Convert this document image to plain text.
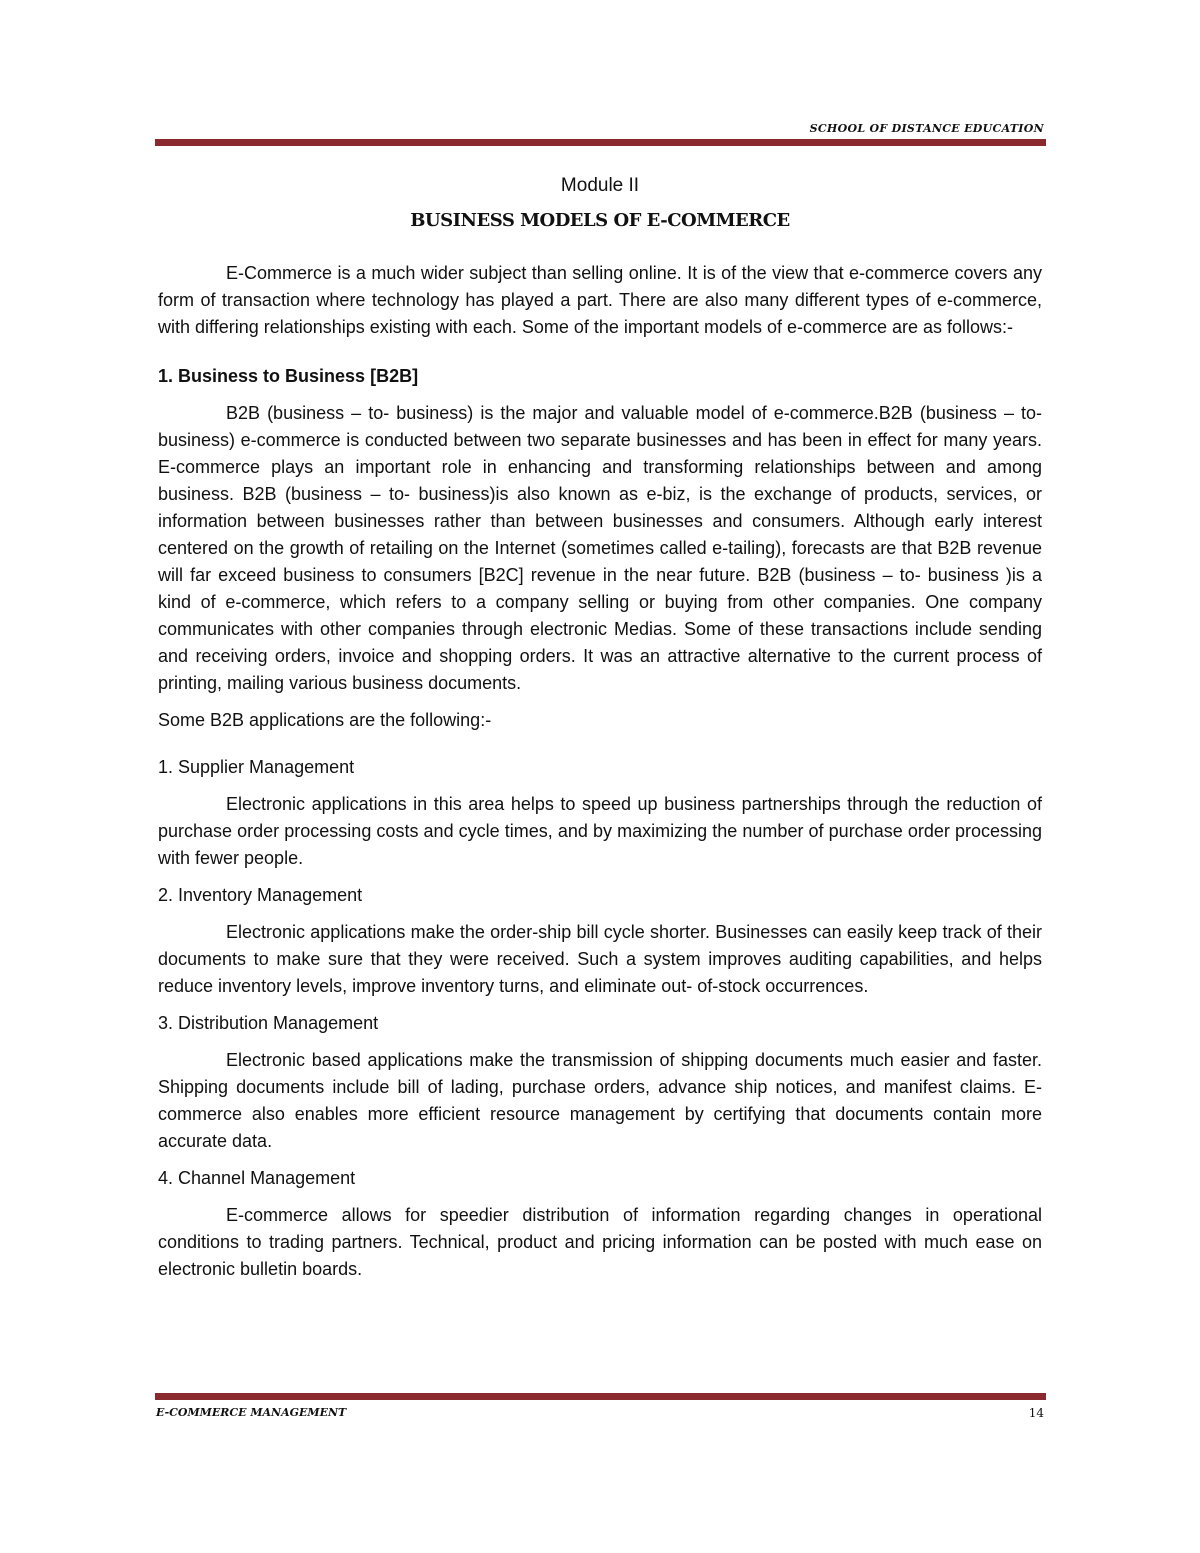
SCHOOL OF DISTANCE EDUCATION
Module II
BUSINESS MODELS OF E-COMMERCE

E-Commerce is a much wider subject than selling online. It is of the view that e-commerce covers any form of transaction where technology has played a part. There are also many different types of e-commerce, with differing relationships existing with each. Some of the important models of e-commerce are as follows:-

1. Business to Business [B2B]

B2B (business – to- business) is the major and valuable model of e-commerce.B2B (business – to- business) e-commerce is conducted between two separate businesses and has been in effect for many years. E-commerce plays an important role in enhancing and transforming relationships between and among business. B2B (business – to- business)is also known as e-biz, is the exchange of products, services, or information between businesses rather than between businesses and consumers. Although early interest centered on the growth of retailing on the Internet (sometimes called e-tailing), forecasts are that B2B revenue will far exceed business to consumers [B2C] revenue in the near future. B2B (business – to- business )is a kind of e-commerce, which refers to a company selling or buying from other companies. One company communicates with other companies through electronic Medias. Some of these transactions include sending and receiving orders, invoice and shopping orders. It was an attractive alternative to the current process of printing, mailing various business documents.

Some B2B applications are the following:-

1. Supplier Management

Electronic applications in this area helps to speed up business partnerships through the reduction of purchase order processing costs and cycle times, and by maximizing the number of purchase order processing with fewer people.

2. Inventory Management

Electronic applications make the order-ship bill cycle shorter. Businesses can easily keep track of their documents to make sure that they were received. Such a system improves auditing capabilities, and helps reduce inventory levels, improve inventory turns, and eliminate out- of-stock occurrences.

3. Distribution Management

Electronic based applications make the transmission of shipping documents much easier and faster. Shipping documents include bill of lading, purchase orders, advance ship notices, and manifest claims. E-commerce also enables more efficient resource management by certifying that documents contain more accurate data.

4. Channel Management

E-commerce allows for speedier distribution of information regarding changes in operational conditions to trading partners. Technical, product and pricing information can be posted with much ease on electronic bulletin boards.

E-COMMERCE MANAGEMENT	14
